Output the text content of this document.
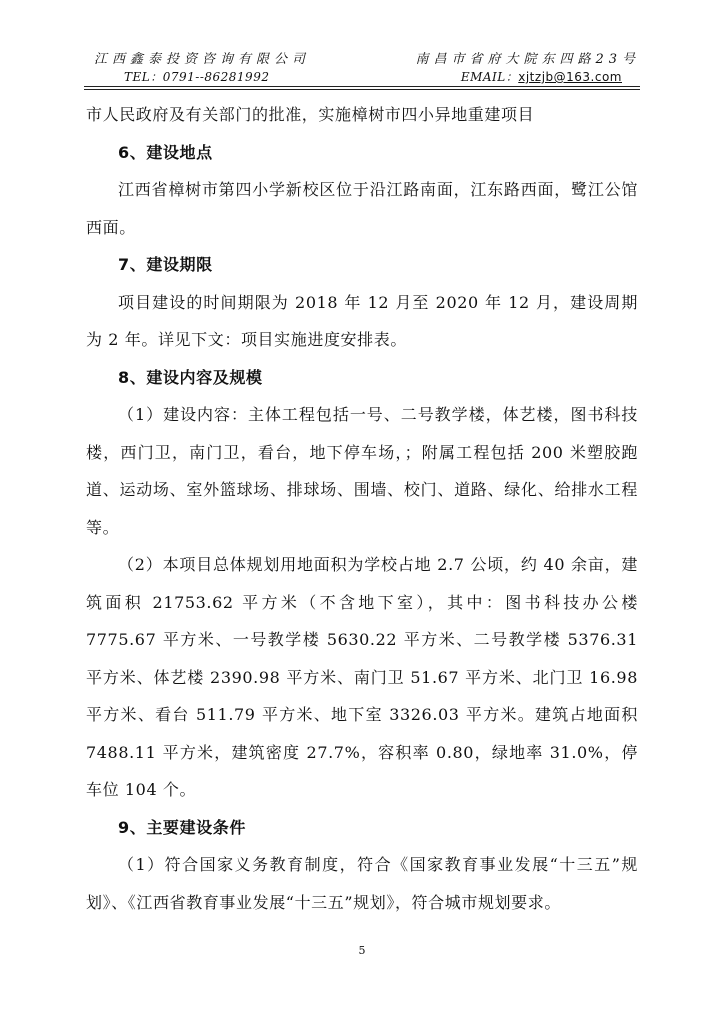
江西鑫泰投资咨询有限公司	南昌市省府大院东四路23号
TEL：0791--86281992	EMAIL：xjtzjb@163.com

市人民政府及有关部门的批准，实施樟树市四小异地重建项目

6、建设地点

江西省樟树市第四小学新校区位于沿江路南面，江东路西面，鹭江公馆西面。

7、建设期限

项目建设的时间期限为 2018 年 12 月至 2020 年 12 月，建设周期为 2 年。详见下文：项目实施进度安排表。

8、建设内容及规模

（1）建设内容：主体工程包括一号、二号教学楼，体艺楼，图书科技楼，西门卫，南门卫，看台，地下停车场，；附属工程包括 200 米塑胶跑道、运动场、室外篮球场、排球场、围墙、校门、道路、绿化、给排水工程等。

（2）本项目总体规划用地面积为学校占地 2.7 公顷，约 40 余亩，建筑面积 21753.62 平方米（不含地下室），其中：图书科技办公楼 7775.67 平方米、一号教学楼 5630.22 平方米、二号教学楼 5376.31 平方米、体艺楼 2390.98 平方米、南门卫 51.67 平方米、北门卫 16.98 平方米、看台 511.79 平方米、地下室 3326.03 平方米。建筑占地面积 7488.11 平方米，建筑密度 27.7%，容积率 0.80，绿地率 31.0%，停车位 104 个。

9、主要建设条件

（1）符合国家义务教育制度，符合《国家教育事业发展“十三五”规划》、《江西省教育事业发展“十三五”规划》，符合城市规划要求。

5
